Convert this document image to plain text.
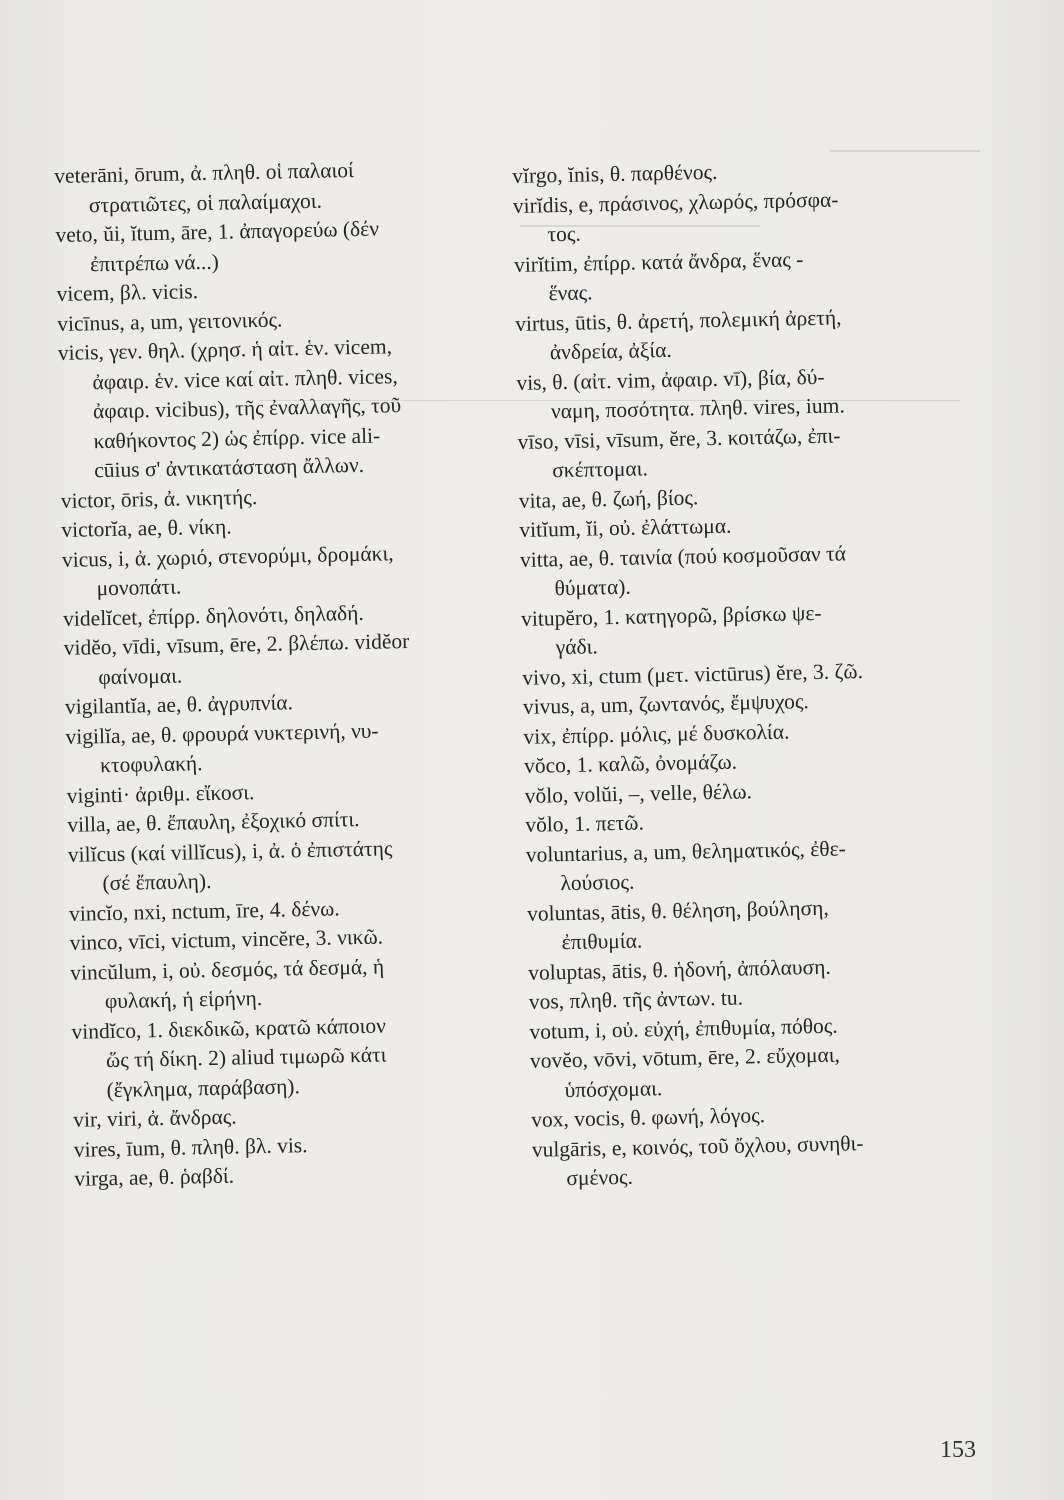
veterāni, ōrum, ἀ. πληθ. οἱ παλαιοί
στρατιῶτες, οἱ παλαίμαχοι.
veto, ŭi, ĭtum, āre, 1. ἀπαγορεύω (δέν
ἐπιτρέπω νά...)
vicem, βλ. vicis.
vicīnus, a, um, γειτονικός.
vicis, γεν. θηλ. (χρησ. ἡ αἰτ. ἑν. vicem,
ἀφαιρ. ἑν. vice καί αἰτ. πληθ. vices,
ἀφαιρ. vicibus), τῆς ἐναλλαγῆς, τοῦ
καθήκοντος 2) ὡς ἐπίρρ. vice ali-
cūius σ' ἀντικατάσταση ἄλλων.
victor, ōris, ἀ. νικητής.
victorĭa, ae, θ. νίκη.
vicus, i, ἀ. χωριό, στενορύμι, δρομάκι,
μονοπάτι.
videlĭcet, ἐπίρρ. δηλονότι, δηλαδή.
vidĕo, vīdi, vīsum, ēre, 2. βλέπω. vidĕor
φαίνομαι.
vigilantĭa, ae, θ. ἀγρυπνία.
vigilĭa, ae, θ. φρουρά νυκτερινή, νυ-
κτοφυλακή.
viginti· ἀριθμ. εἴκοσι.
villa, ae, θ. ἔπαυλη, ἐξοχικό σπίτι.
vilĭcus (καί villĭcus), i, ἀ. ὁ ἐπιστάτης
(σέ ἔπαυλη).
vincĭo, nxi, nctum, īre, 4. δένω.
vinco, vīci, victum, vincĕre, 3. νικῶ.
vincŭlum, i, οὐ. δεσμός, τά δεσμά, ἡ
φυλακή, ἡ εἱρήνη.
vindĭco, 1. διεκδικῶ, κρατῶ κάποιον
ὥς τή δίκη. 2) aliud τιμωρῶ κάτι
(ἔγκλημα, παράβαση).
vir, viri, ἀ. ἄνδρας.
vires, īum, θ. πληθ. βλ. vis.
virga, ae, θ. ῥαβδί.
vĭrgo, ĭnis, θ. παρθένος.
virĭdis, e, πράσινος, χλωρός, πρόσφα-
τος.
virĭtim, ἐπίρρ. κατά ἄνδρα, ἕνας -
ἕνας.
virtus, ūtis, θ. ἀρετή, πολεμική ἀρετή,
ἀνδρεία, ἀξία.
vis, θ. (αἰτ. vim, ἀφαιρ. vī), βία, δύ-
ναμη, ποσότητα. πληθ. vires, ium.
vīso, vīsi, vīsum, ĕre, 3. κοιτάζω, ἐπι-
σκέπτομαι.
vita, ae, θ. ζωή, βίος.
vitĭum, ĭi, οὐ. ἐλάττωμα.
vitta, ae, θ. ταινία (πού κοσμοῦσαν τά
θύματα).
vitupĕro, 1. κατηγορῶ, βρίσκω ψε-
γάδι.
vivo, xi, ctum (μετ. victūrus) ĕre, 3. ζῶ.
vivus, a, um, ζωντανός, ἔμψυχος.
vix, ἐπίρρ. μόλις, μέ δυσκολία.
vŏco, 1. καλῶ, ὀνομάζω.
vŏlo, volŭi, –, velle, θέλω.
vŏlo, 1. πετῶ.
voluntarius, a, um, θεληματικός, ἐθε-
λούσιος.
voluntas, ātis, θ. θέληση, βούληση,
ἐπιθυμία.
voluptas, ātis, θ. ἡδονή, ἀπόλαυση.
vos, πληθ. τῆς ἀντων. tu.
votum, i, οὐ. εὐχή, ἐπιθυμία, πόθος.
vovĕo, vōvi, vōtum, ēre, 2. εὔχομαι,
ὑπόσχομαι.
vox, vocis, θ. φωνή, λόγος.
vulgāris, e, κοινός, τοῦ ὄχλου, συνηθι-
σμένος.
153
